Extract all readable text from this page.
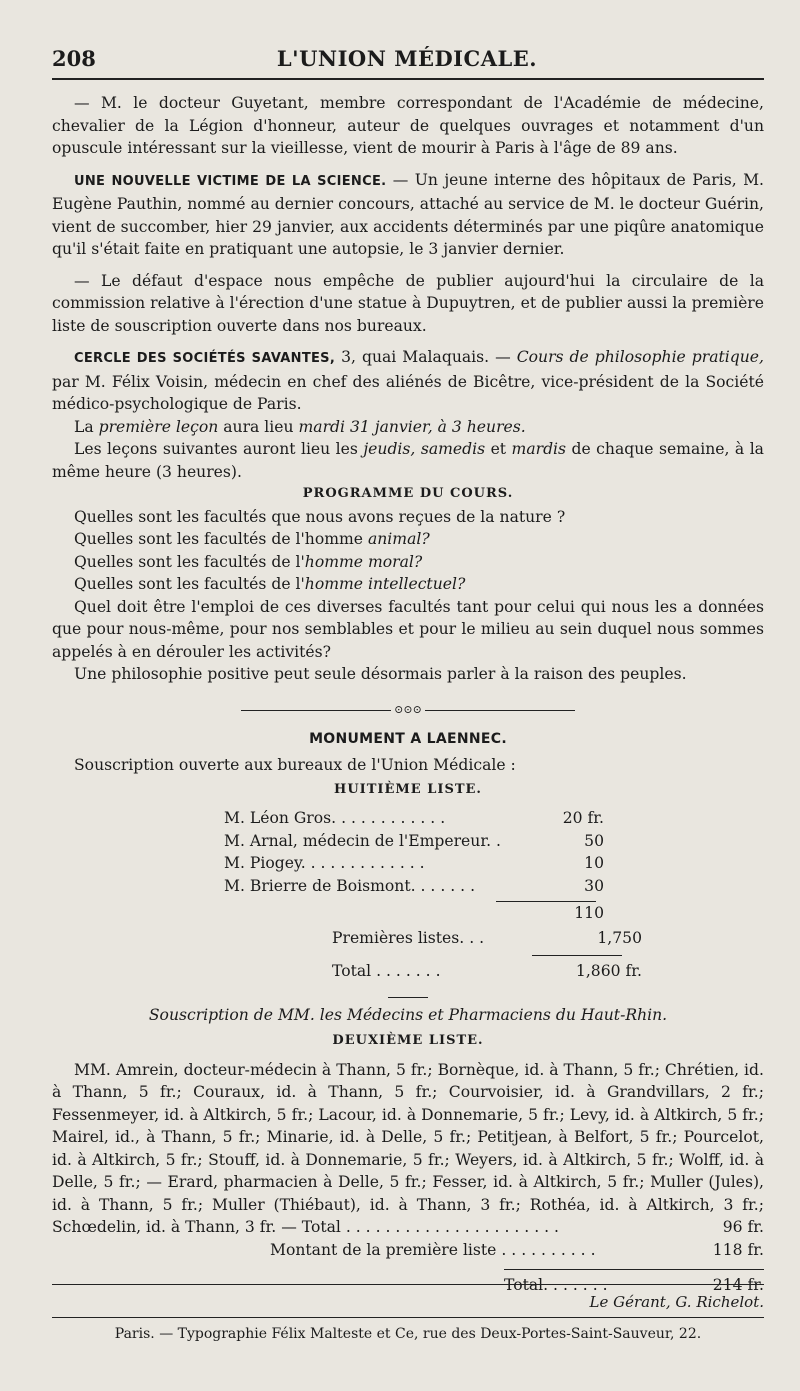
208	L'UNION MÉDICALE.

— M. le docteur Guyetant, membre correspondant de l'Académie de médecine, chevalier de la Légion d'honneur, auteur de quelques ouvrages et notamment d'un opuscule intéressant sur la vieillesse, vient de mourir à Paris à l'âge de 89 ans.

UNE NOUVELLE VICTIME DE LA SCIENCE. — Un jeune interne des hôpitaux de Paris, M. Eugène Pauthin, nommé au dernier concours, attaché au service de M. le docteur Guérin, vient de succomber, hier 29 janvier, aux accidents déterminés par une piqûre anatomique qu'il s'était faite en pratiquant une autopsie, le 3 janvier dernier.

— Le défaut d'espace nous empêche de publier aujourd'hui la circulaire de la commission relative à l'érection d'une statue à Dupuytren, et de publier aussi la première liste de souscription ouverte dans nos bureaux.

CERCLE DES SOCIÉTÉS SAVANTES, 3, quai Malaquais. — Cours de philosophie pratique, par M. Félix Voisin, médecin en chef des aliénés de Bicêtre, vice-président de la Société médico-psychologique de Paris.

La première leçon aura lieu mardi 31 janvier, à 3 heures.

Les leçons suivantes auront lieu les jeudis, samedis et mardis de chaque semaine, à la même heure (3 heures).

PROGRAMME DU COURS.

Quelles sont les facultés que nous avons reçues de la nature ?

Quelles sont les facultés de l'homme animal?

Quelles sont les facultés de l'homme moral?

Quelles sont les facultés de l'homme intellectuel?

Quel doit être l'emploi de ces diverses facultés tant pour celui qui nous les a données que pour nous-même, pour nos semblables et pour le milieu au sein duquel nous sommes appelés à en dérouler les activités?

Une philosophie positive peut seule désormais parler à la raison des peuples.

⊙⊙⊙

MONUMENT A LAENNEC.

Souscription ouverte aux bureaux de l'Union Médicale :

HUITIÈME LISTE.

M. Léon Gros. . . . . . . . . . . .	20 fr.
M. Arnal, médecin de l'Empereur. .	50
M. Piogey. . . . . . . . . . . . .	10
M. Brierre de Boismont. . . . . . .	30
110
Premières listes. . .	1,750
Total . . . . . . .	1,860 fr.

Souscription de MM. les Médecins et Pharmaciens du Haut-Rhin.

DEUXIÈME LISTE.

MM. Amrein, docteur-médecin à Thann, 5 fr.; Bornèque, id. à Thann, 5 fr.; Chrétien, id. à Thann, 5 fr.; Couraux, id. à Thann, 5 fr.; Courvoisier, id. à Grandvillars, 2 fr.; Fessenmeyer, id. à Altkirch, 5 fr.; Lacour, id. à Donnemarie, 5 fr.; Levy, id. à Altkirch, 5 fr.; Mairel, id., à Thann, 5 fr.; Minarie, id. à Delle, 5 fr.; Petitjean, à Belfort, 5 fr.; Pourcelot, id. à Altkirch, 5 fr.; Stouff, id. à Donnemarie, 5 fr.; Weyers, id. à Altkirch, 5 fr.; Wolff, id. à Delle, 5 fr.; — Erard, pharmacien à Delle, 5 fr.; Fesser, id. à Altkirch, 5 fr.; Muller (Jules), id. à Thann, 5 fr.; Muller (Thiébaut), id. à Thann, 3 fr.; Rothéa, id. à Altkirch, 3 fr.; Schœdelin, id. à Thann, 3 fr. — Total . . . . . . . . . . . . . . . . . . . . . .	96 fr.

Montant de la première liste . . . . . . . . . .	118 fr.
Total. . . . . . .	214 fr.

Le Gérant, G. Richelot.

Paris. — Typographie Félix Malteste et Ce, rue des Deux-Portes-Saint-Sauveur, 22.
